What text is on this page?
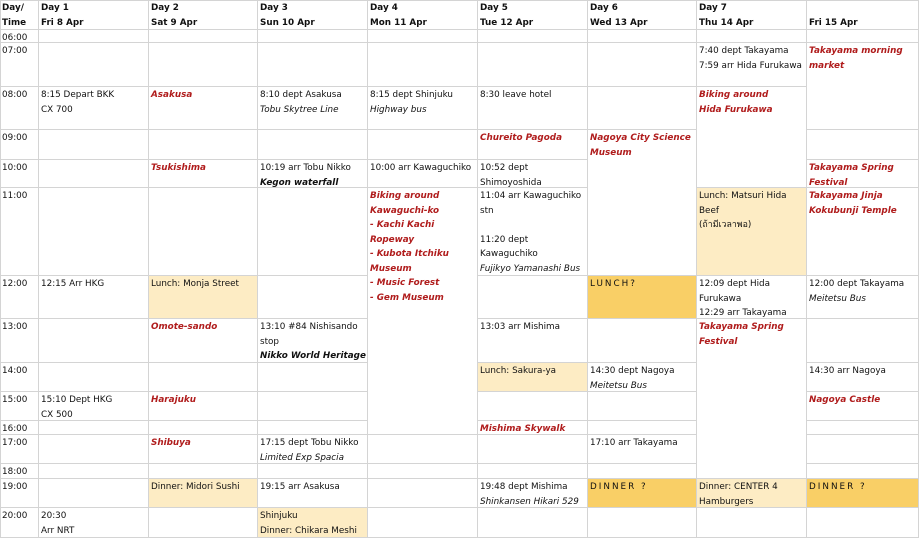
Day/
Time
Day 1
Fri 8 Apr
Day 2
Sat 9 Apr
Day 3
Sun 10 Apr
Day 4
Mon 11 Apr
Day 5
Tue 12 Apr
Day 6
Wed 13 Apr
Day 7
Thu 14 Apr
	Fri 15 Apr
06:00
07:00
08:00
09:00
10:00
11:00
12:00
13:00
14:00
15:00
16:00
17:00
18:00
19:00
20:00
8:15 Depart BKK
CX 700
12:15 Arr HKG
15:10 Dept HKG
CX 500
20:30
Arr NRT
Asakusa
Tsukishima
Lunch: Monja Street
Omote-sando
Harajuku
Shibuya
Dinner: Midori Sushi
8:10 dept Asakusa
Tobu Skytree Line
10:19 arr Tobu Nikko
Kegon waterfall
13:10 #84 Nishisando
stop
Nikko World Heritage
17:15 dept Tobu Nikko
Limited Exp Spacia
19:15 arr Asakusa
Shinjuku
Dinner: Chikara Meshi
8:15 dept Shinjuku
Highway bus
10:00 arr Kawaguchiko
Biking around
Kawaguchi-ko
- Kachi Kachi
Ropeway
- Kubota Itchiku
Museum
- Music Forest
- Gem Museum
8:30 leave hotel
Chureito Pagoda
10:52 dept
Shimoyoshida
11:04 arr Kawaguchiko
stn

11:20 dept
Kawaguchiko
Fujikyo Yamanashi Bus
13:03 arr Mishima
Lunch: Sakura-ya
Mishima Skywalk
19:48 dept Mishima
Shinkansen Hikari 529
Nagoya City Science
Museum
LUNCH?
14:30 dept Nagoya
Meitetsu Bus
17:10 arr Takayama
DINNER ?
7:40 dept Takayama
7:59 arr Hida Furukawa
Biking around
Hida Furukawa
Lunch: Matsuri Hida
Beef
(ถ้ามีเวลาพอ)
12:09 dept Hida
Furukawa
12:29 arr Takayama
Takayama Spring
Festival
Dinner: CENTER 4
Hamburgers
Takayama morning
market
Takayama Spring
Festival
Takayama Jinja
Kokubunji Temple
12:00 dept Takayama
Meitetsu Bus
14:30 arr Nagoya
Nagoya Castle
DINNER ?
